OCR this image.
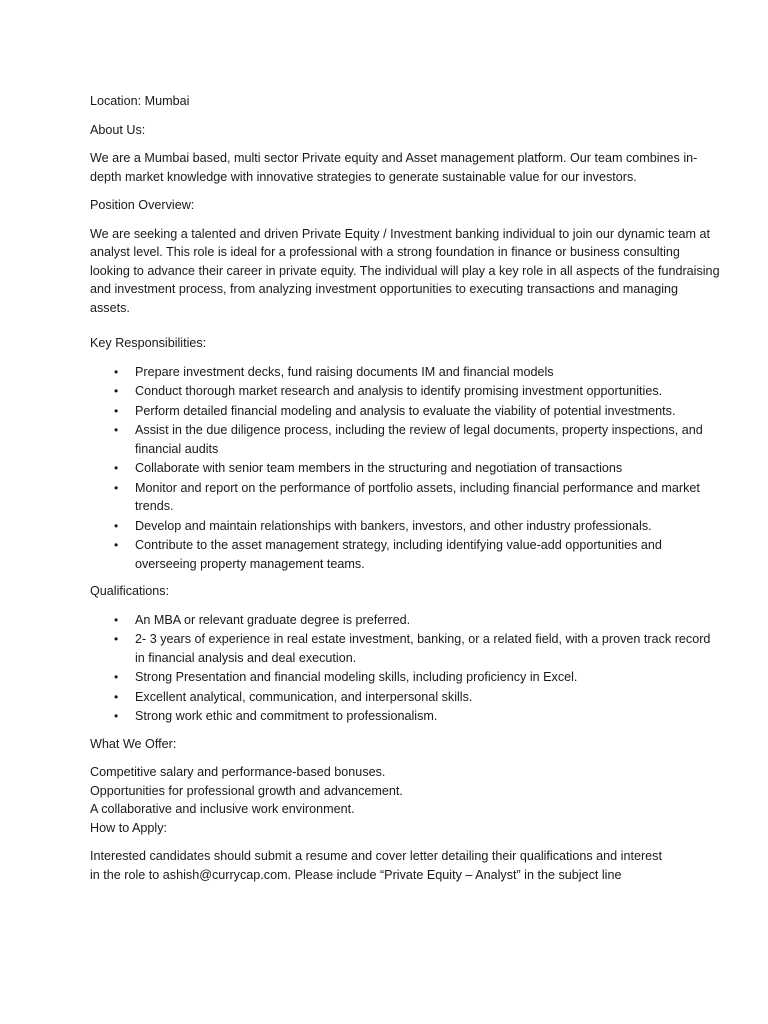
Location: Mumbai

About Us:

We are a Mumbai based, multi sector Private equity and Asset management platform. Our team combines in-depth market knowledge with innovative strategies to generate sustainable value for our investors.

Position Overview:

We are seeking a talented and driven Private Equity / Investment banking individual to join our dynamic team at analyst level. This role is ideal for a professional with a strong foundation in finance or business consulting looking to advance their career in private equity. The individual will play a key role in all aspects of the fundraising and investment process, from analyzing investment opportunities to executing transactions and managing assets.

Key Responsibilities:

• Prepare investment decks, fund raising documents IM and financial models
• Conduct thorough market research and analysis to identify promising investment opportunities.
• Perform detailed financial modeling and analysis to evaluate the viability of potential investments.
• Assist in the due diligence process, including the review of legal documents, property inspections, and financial audits
• Collaborate with senior team members in the structuring and negotiation of transactions
• Monitor and report on the performance of portfolio assets, including financial performance and market trends.
• Develop and maintain relationships with bankers, investors, and other industry professionals.
• Contribute to the asset management strategy, including identifying value-add opportunities and overseeing property management teams.

Qualifications:

• An MBA or relevant graduate degree is preferred.
• 2- 3 years of experience in real estate investment, banking, or a related field, with a proven track record in financial analysis and deal execution.
• Strong Presentation and financial modeling skills, including proficiency in Excel.
• Excellent analytical, communication, and interpersonal skills.
• Strong work ethic and commitment to professionalism.

What We Offer:

Competitive salary and performance-based bonuses.

Opportunities for professional growth and advancement.

A collaborative and inclusive work environment.

How to Apply:

Interested candidates should submit a resume and cover letter detailing their qualifications and interest

in the role to ashish@currycap.com. Please include “Private Equity – Analyst” in the subject line
